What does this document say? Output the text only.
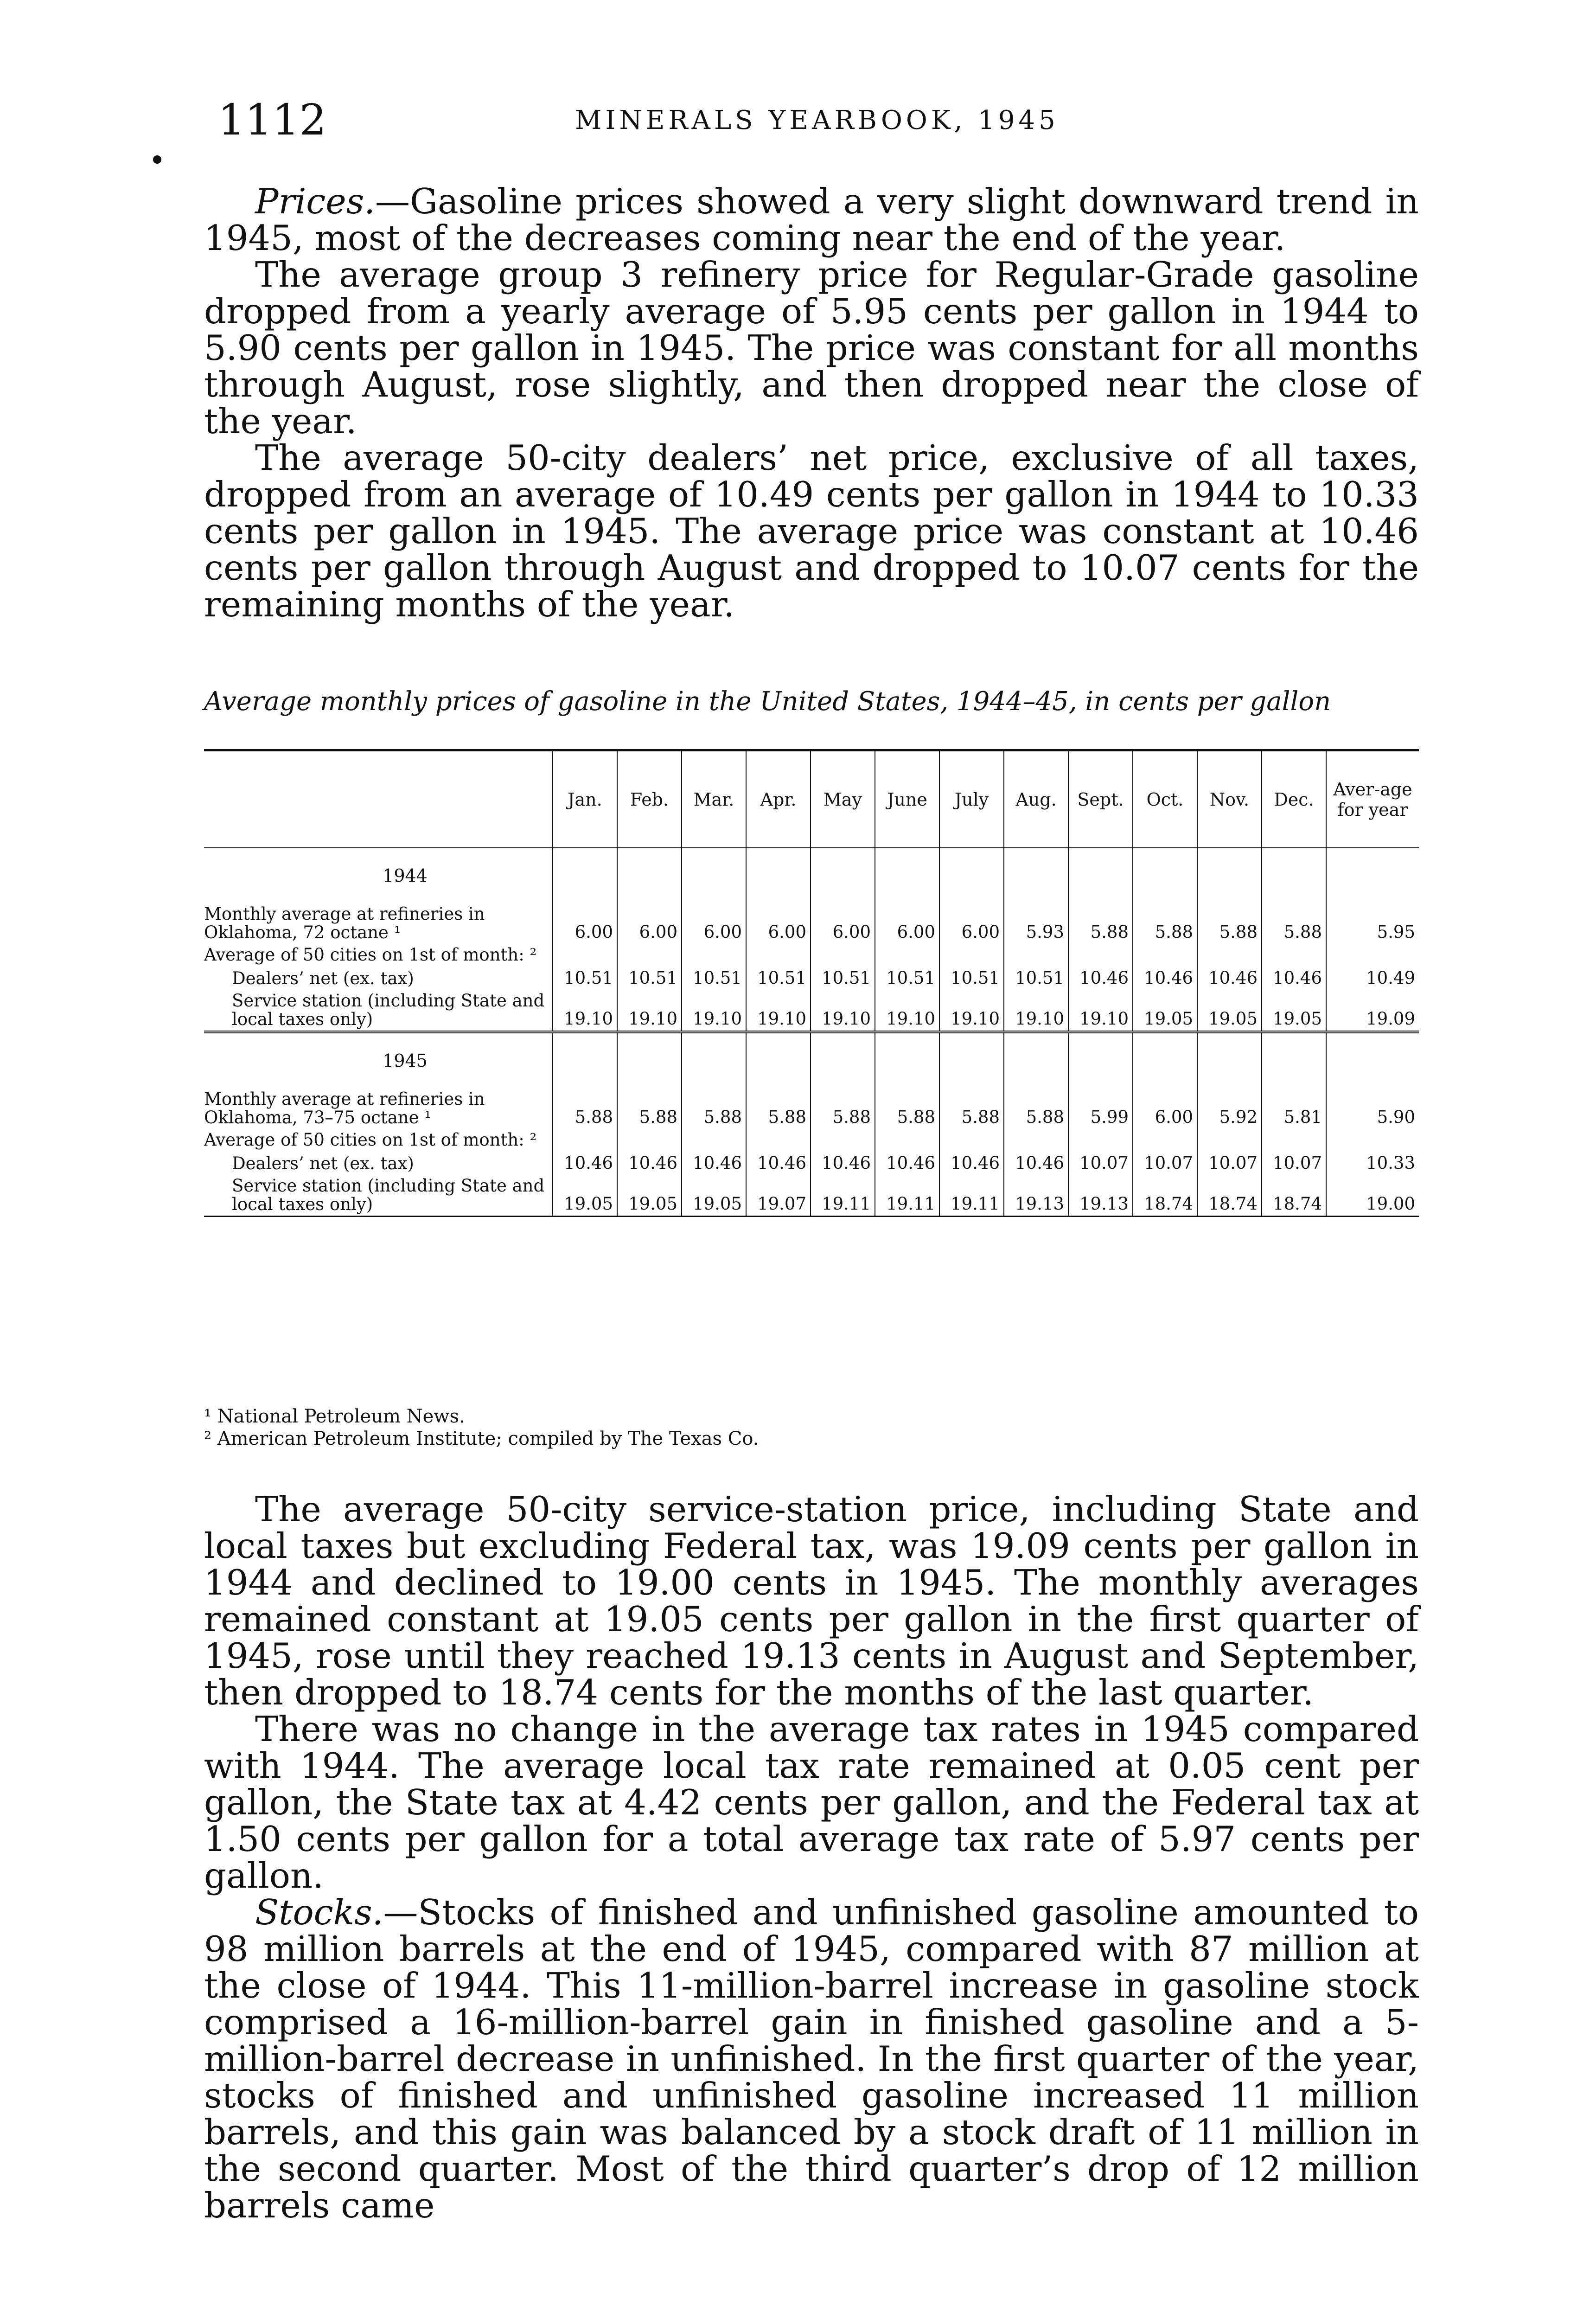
1112	MINERALS YEARBOOK, 1945

Prices.—Gasoline prices showed a very slight downward trend in 1945, most of the decreases coming near the end of the year.

The average group 3 refinery price for Regular-Grade gasoline dropped from a yearly average of 5.95 cents per gallon in 1944 to 5.90 cents per gallon in 1945. The price was constant for all months through August, rose slightly, and then dropped near the close of the year.

The average 50-city dealers’ net price, exclusive of all taxes, dropped from an average of 10.49 cents per gallon in 1944 to 10.33 cents per gallon in 1945. The average price was constant at 10.46 cents per gallon through August and dropped to 10.07 cents for the remaining months of the year.

Average monthly prices of gasoline in the United States, 1944–45, in cents per gallon
	Jan.	Feb.	Mar.	Apr.	May	June	July	Aug.	Sept.	Oct.	Nov.	Dec.	Aver-age for year
1944													
Monthly average at refineries in Oklahoma, 72 octane ¹	6.00	6.00	6.00	6.00	6.00	6.00	6.00	5.93	5.88	5.88	5.88	5.88	5.95
Average of 50 cities on 1st of month: ²													
Dealers’ net (ex. tax)	10.51	10.51	10.51	10.51	10.51	10.51	10.51	10.51	10.46	10.46	10.46	10.46	10.49
Service station (including State and local taxes only)	19.10	19.10	19.10	19.10	19.10	19.10	19.10	19.10	19.10	19.05	19.05	19.05	19.09
1945													
Monthly average at refineries in Oklahoma, 73–75 octane ¹	5.88	5.88	5.88	5.88	5.88	5.88	5.88	5.88	5.99	6.00	5.92	5.81	5.90
Average of 50 cities on 1st of month: ²													
Dealers’ net (ex. tax)	10.46	10.46	10.46	10.46	10.46	10.46	10.46	10.46	10.07	10.07	10.07	10.07	10.33
Service station (including State and local taxes only)	19.05	19.05	19.05	19.07	19.11	19.11	19.11	19.13	19.13	18.74	18.74	18.74	19.00
¹ National Petroleum News.
² American Petroleum Institute; compiled by The Texas Co.

The average 50-city service-station price, including State and local taxes but excluding Federal tax, was 19.09 cents per gallon in 1944 and declined to 19.00 cents in 1945. The monthly averages remained constant at 19.05 cents per gallon in the first quarter of 1945, rose until they reached 19.13 cents in August and September, then dropped to 18.74 cents for the months of the last quarter.

There was no change in the average tax rates in 1945 compared with 1944. The average local tax rate remained at 0.05 cent per gallon, the State tax at 4.42 cents per gallon, and the Federal tax at 1.50 cents per gallon for a total average tax rate of 5.97 cents per gallon.

Stocks.—Stocks of finished and unfinished gasoline amounted to 98 million barrels at the end of 1945, compared with 87 million at the close of 1944. This 11-million-barrel increase in gasoline stock comprised a 16-million-barrel gain in finished gasoline and a 5-million-barrel decrease in unfinished. In the first quarter of the year, stocks of finished and unfinished gasoline increased 11 million barrels, and this gain was balanced by a stock draft of 11 million in the second quarter. Most of the third quarter’s drop of 12 million barrels came
